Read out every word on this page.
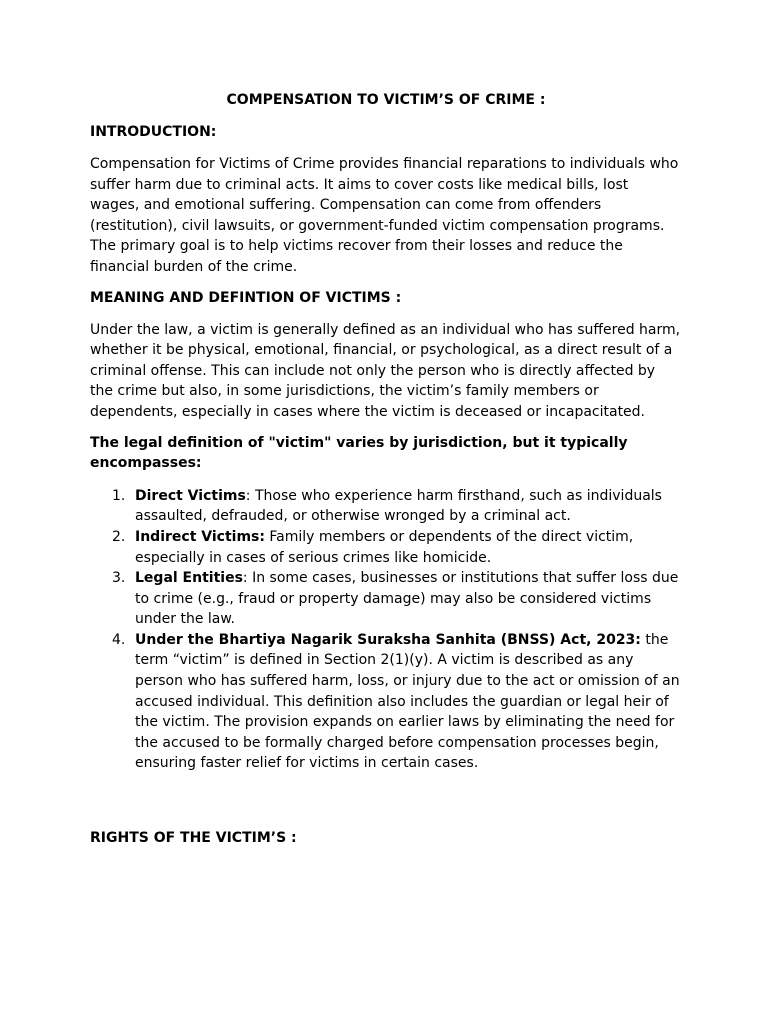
COMPENSATION TO VICTIM’S OF CRIME :
INTRODUCTION:

Compensation for Victims of Crime provides financial reparations to individuals who suffer harm due to criminal acts. It aims to cover costs like medical bills, lost wages, and emotional suffering. Compensation can come from offenders (restitution), civil lawsuits, or government-funded victim compensation programs. The primary goal is to help victims recover from their losses and reduce the financial burden of the crime.

MEANING AND DEFINTION OF VICTIMS :

Under the law, a victim is generally defined as an individual who has suffered harm, whether it be physical, emotional, financial, or psychological, as a direct result of a criminal offense. This can include not only the person who is directly affected by the crime but also, in some jurisdictions, the victim’s family members or dependents, especially in cases where the victim is deceased or incapacitated.

The legal definition of "victim" varies by jurisdiction, but it typically encompasses:

1. Direct Victims: Those who experience harm firsthand, such as individuals assaulted, defrauded, or otherwise wronged by a criminal act.
2. Indirect Victims: Family members or dependents of the direct victim, especially in cases of serious crimes like homicide.
3. Legal Entities: In some cases, businesses or institutions that suffer loss due to crime (e.g., fraud or property damage) may also be considered victims under the law.
4. Under the Bhartiya Nagarik Suraksha Sanhita (BNSS) Act, 2023: the term “victim” is defined in Section 2(1)(y). A victim is described as any person who has suffered harm, loss, or injury due to the act or omission of an accused individual. This definition also includes the guardian or legal heir of the victim. The provision expands on earlier laws by eliminating the need for the accused to be formally charged before compensation processes begin, ensuring faster relief for victims in certain cases.
RIGHTS OF THE VICTIM’S :
